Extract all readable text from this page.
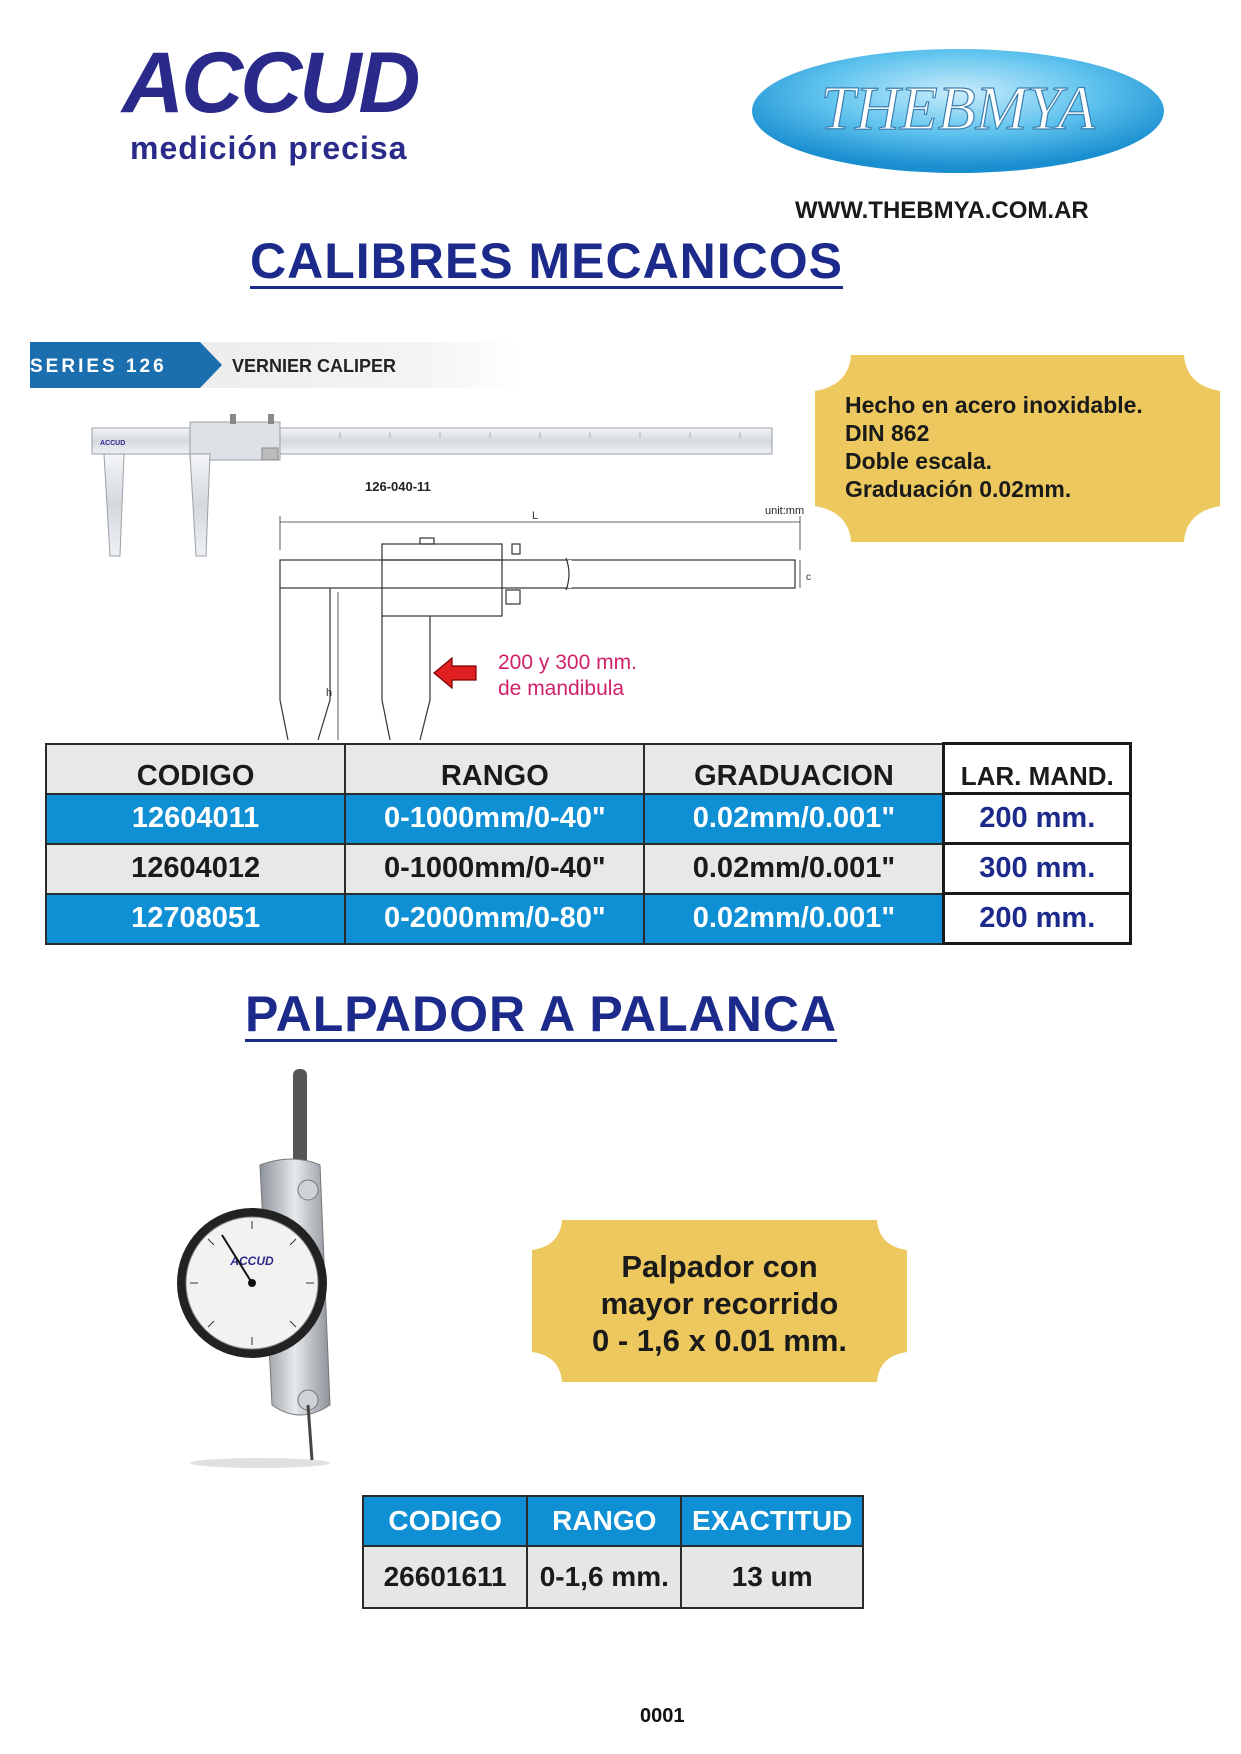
ACCUD
medición precisa
THEBMYA
WWW.THEBMYA.COM.AR
CALIBRES MECANICOS
SERIES 126	VERNIER CALIPER
ACCUD
126-040-11
unit:mm
L
c
h
200 y 300 mm.
de mandibula
Hecho en acero inoxidable.
DIN 862
Doble escala.
Graduación 0.02mm.
CODIGO	RANGO	GRADUACION	LAR. MAND.
12604011	0-1000mm/0-40"	0.02mm/0.001"	200 mm.
12604012	0-1000mm/0-40"	0.02mm/0.001"	300 mm.
12708051	0-2000mm/0-80"	0.02mm/0.001"	200 mm.
PALPADOR A PALANCA
ACCUD	Palpador con
mayor recorrido
0 - 1,6 x 0.01 mm.
CODIGO	RANGO	EXACTITUD
26601611	0-1,6 mm.	13 um
0001
